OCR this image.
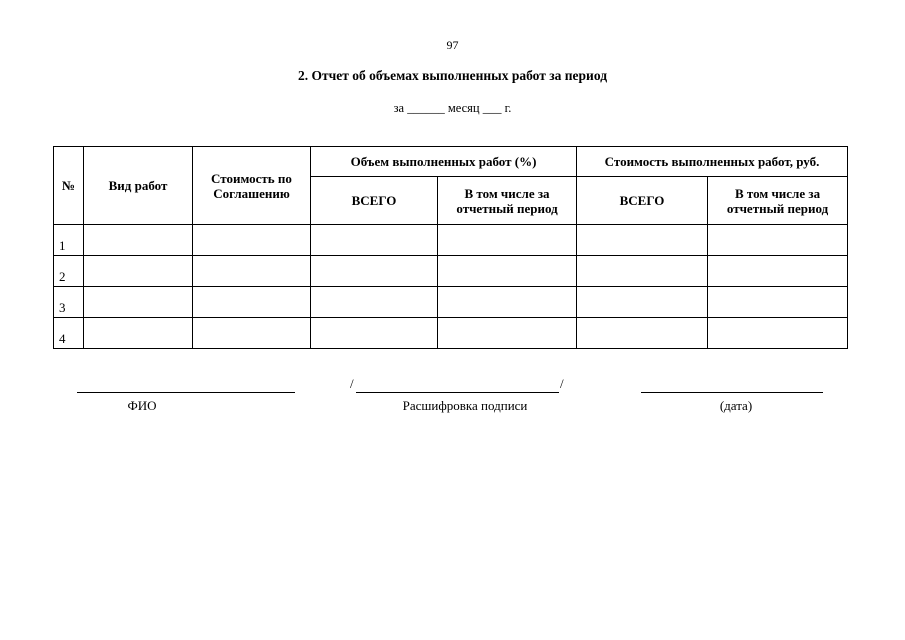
97
2. Отчет об объемах выполненных работ за период
за ______ месяц ___ г.
№	Вид работ	Стоимость по Соглашению	Объем выполненных работ (%)		Стоимость выполненных работ, руб.	
			ВСЕГО	В том числе за отчетный период	ВСЕГО	В том числе за отчетный период
1						
2						
3						
4						
/	/
ФИО	Расшифровка подписи	(дата)
